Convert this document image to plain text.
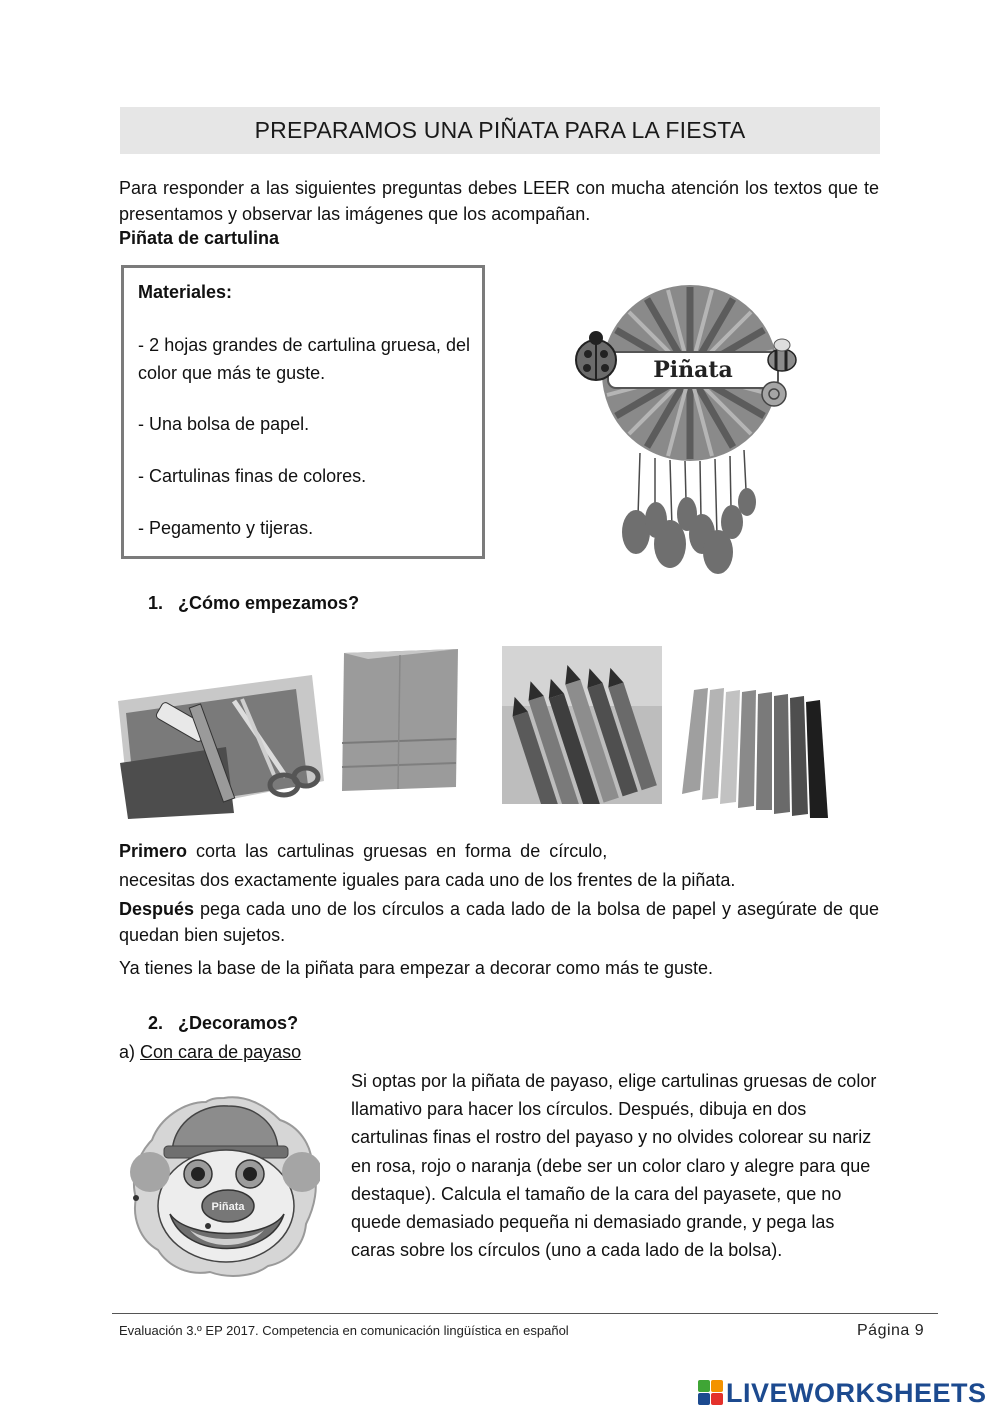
PREPARAMOS UNA PIÑATA PARA LA FIESTA
Para responder a las siguientes preguntas debes LEER con mucha atención los textos que te presentamos y observar las imágenes que los acompañan.
Piñata de cartulina
Materiales:
- 2 hojas grandes de cartulina gruesa, del color que más te guste.
- Una bolsa de papel.
- Cartulinas finas de colores.
- Pegamento y tijeras.
Piñata
1. ¿Cómo empezamos?
Primero corta las cartulinas gruesas en forma de círculo,
necesitas dos exactamente iguales para cada uno de los frentes de la piñata.
Después pega cada uno de los círculos a cada lado de la bolsa de papel y asegúrate de que quedan bien sujetos.
Ya tienes la base de la piñata para empezar a decorar como más te guste.
2. ¿Decoramos?
a) Con cara de payaso
Piñata
Si optas por la piñata de payaso, elige cartulinas gruesas de color llamativo para hacer los círculos. Después, dibuja en dos cartulinas finas el rostro del payaso y no olvides colorear su nariz en rosa, rojo o naranja (debe ser un color claro y alegre para que destaque). Calcula el tamaño de la cara del payasete, que no quede demasiado pequeña ni demasiado grande, y pega las caras sobre los círculos (uno a cada lado de la bolsa).
Evaluación 3.º EP 2017. Competencia en comunicación lingüística en español	Página 9
LIVEWORKSHEETS
